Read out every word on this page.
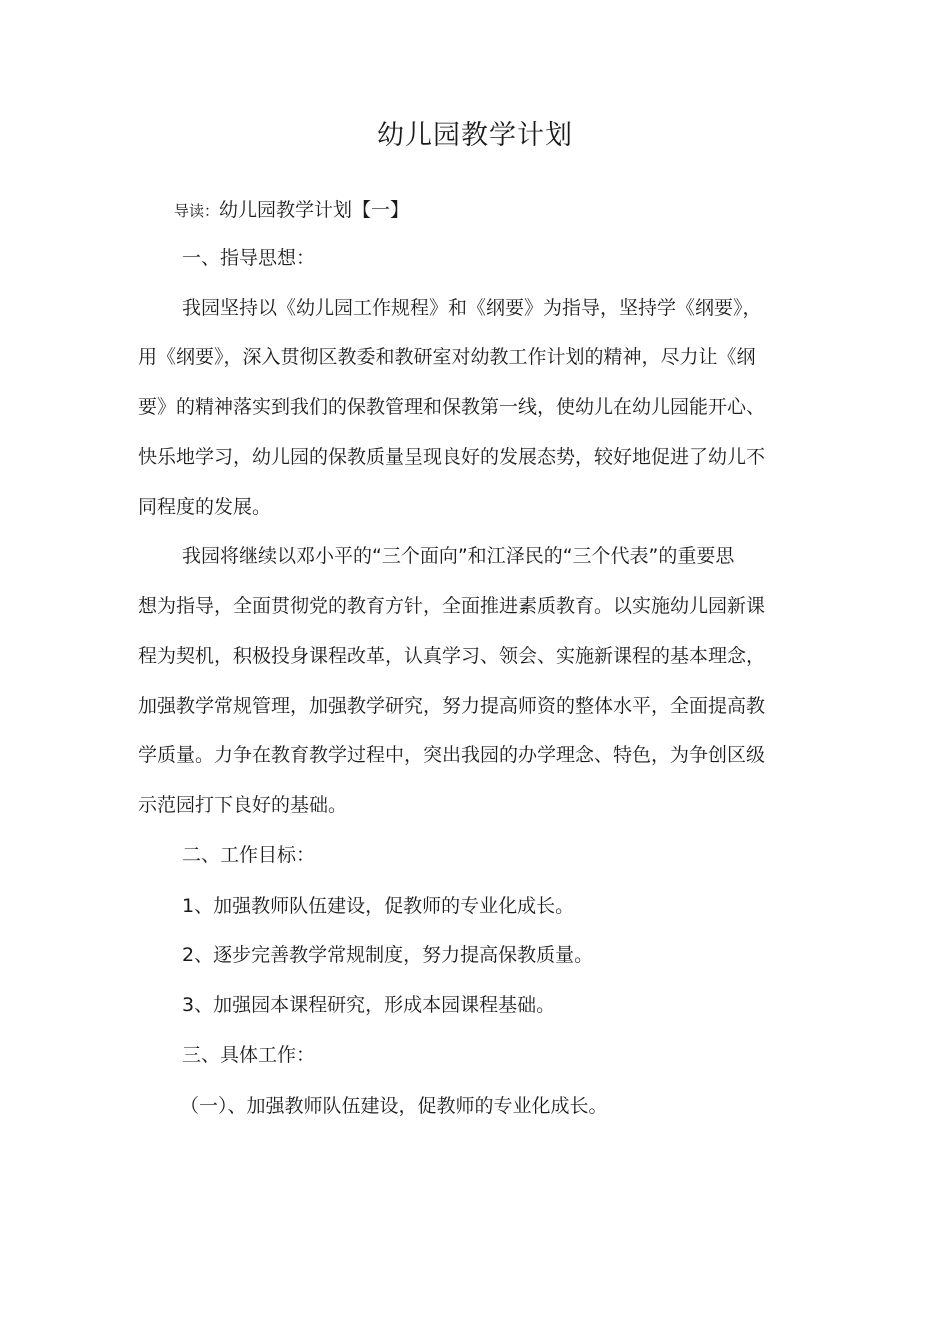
幼儿园教学计划
导读：幼儿园教学计划【一】
一、指导思想：
我园坚持以《幼儿园工作规程》和《纲要》为指导，坚持学《纲要》，
用《纲要》，深入贯彻区教委和教研室对幼教工作计划的精神，尽力让《纲
要》的精神落实到我们的保教管理和保教第一线，使幼儿在幼儿园能开心、
快乐地学习，幼儿园的保教质量呈现良好的发展态势，较好地促进了幼儿不
同程度的发展。
我园将继续以邓小平的“三个面向”和江泽民的“三个代表”的重要思
想为指导，全面贯彻党的教育方针，全面推进素质教育。以实施幼儿园新课
程为契机，积极投身课程改革，认真学习、领会、实施新课程的基本理念，
加强教学常规管理，加强教学研究，努力提高师资的整体水平，全面提高教
学质量。力争在教育教学过程中，突出我园的办学理念、特色，为争创区级
示范园打下良好的基础。
二、工作目标：
1、加强教师队伍建设，促教师的专业化成长。
2、逐步完善教学常规制度，努力提高保教质量。
3、加强园本课程研究，形成本园课程基础。
三、具体工作：
（一）、加强教师队伍建设，促教师的专业化成长。
